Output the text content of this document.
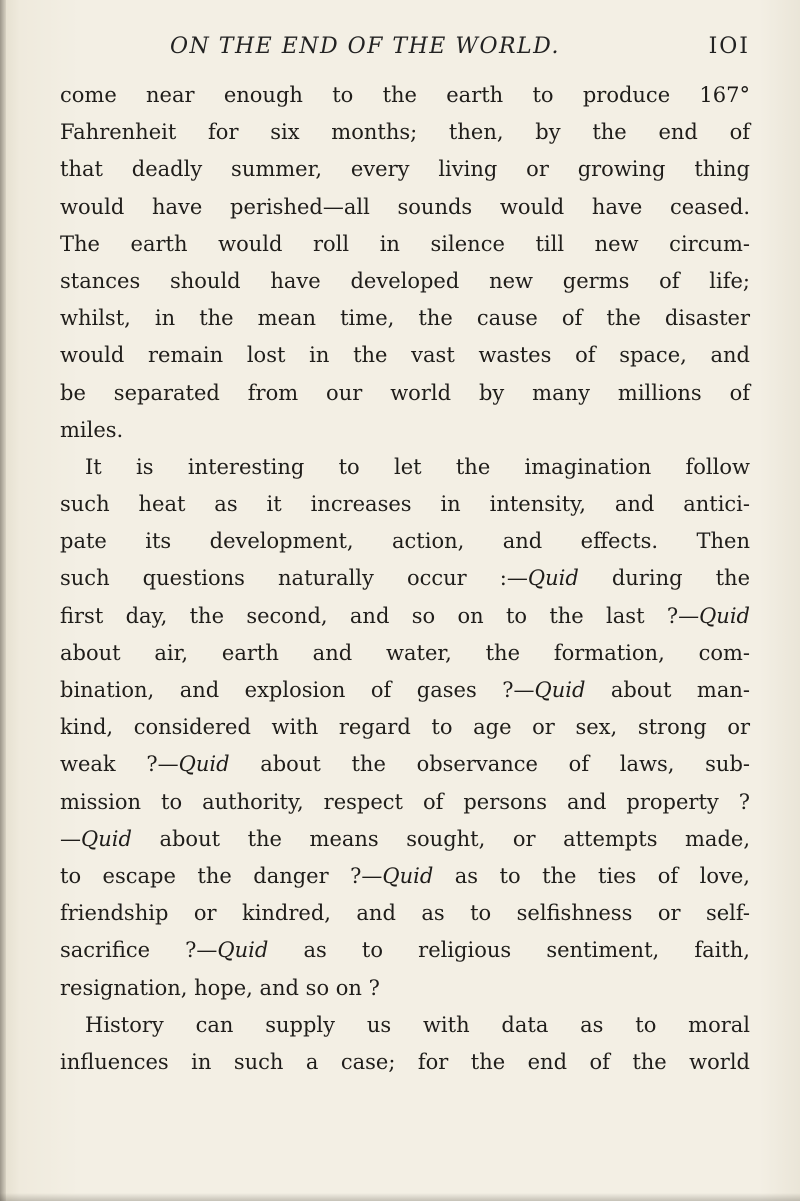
ON THE END OF THE WORLD.	IOI
come near enough to the earth to produce 167°
Fahrenheit for six months; then, by the end of
that deadly summer, every living or growing thing
would have perished—all sounds would have ceased.
The earth would roll in silence till new circum-
stances should have developed new germs of life;
whilst, in the mean time, the cause of the disaster
would remain lost in the vast wastes of space, and
be separated from our world by many millions of
miles.
It is interesting to let the imagination follow
such heat as it increases in intensity, and antici-
pate its development, action, and effects. Then
such questions naturally occur :—Quid during the
first day, the second, and so on to the last ?—Quid
about air, earth and water, the formation, com-
bination, and explosion of gases ?—Quid about man-
kind, considered with regard to age or sex, strong or
weak ?—Quid about the observance of laws, sub-
mission to authority, respect of persons and property ?
—Quid about the means sought, or attempts made,
to escape the danger ?—Quid as to the ties of love,
friendship or kindred, and as to selfishness or self-
sacrifice ?—Quid as to religious sentiment, faith,
resignation, hope, and so on ?
History can supply us with data as to moral
influences in such a case; for the end of the world
